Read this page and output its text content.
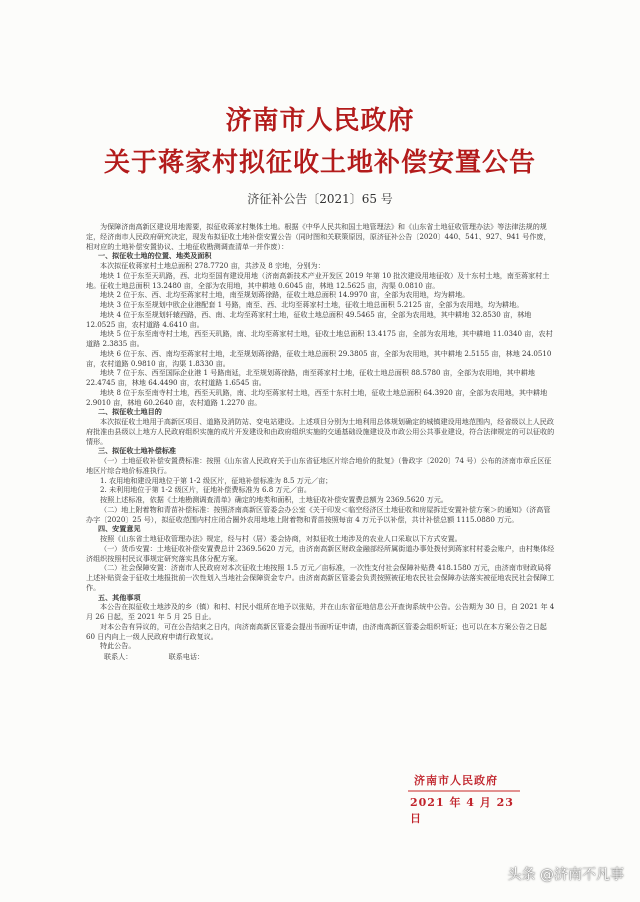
济南市人民政府
关于蒋家村拟征收土地补偿安置公告
济征补公告〔2021〕65 号

为保障济南高新区建设用地需要，拟征收蒋家村集体土地。根据《中华人民共和国土地管理法》和《山东省土地征收管理办法》等法律法规的规定，经济南市人民政府研究决定，现发布拟征收土地补偿安置公告（同时图和关联策原因，原济征补公告〔2020〕440、541、927、941 号作废，相对应的土地补偿安置协议、土地征收勘测调查清单一并作废）：

一、拟征收土地的位置、地类及面积

本次拟征收蒋家村土地总面积 278.7720 亩，共涉及 8 宗地，分别为：

地块 1 位于东至天玑路，西、北均至国有建设用地（济南高新技术产业开发区 2019 年第 10 批次建设用地征收）及十东村土地，南至蒋家村土地。征收土地总面积 13.2480 亩，全部为农用地，其中耕地 0.6045 亩，林地 12.5625 亩，沟渠 0.0810 亩。

地块 2 位于东、西、北均至蒋家村土地，南至规划蒋徐路，征收土地总面积 14.9970 亩，全部为农用地，均为耕地。

地块 3 位于东至规划中欧企业港配套 1 号路，南至、西、北均至蒋家村土地，征收土地总面积 5.2125 亩，全部为农用地，均为耕地。

地块 4 位于东至规划轩辕西路，西、南、北均至蒋家村土地，征收土地总面积 49.5465 亩，全部为农用地，其中耕地 32.8530 亩，林地 12.0525 亩，农村道路 4.6410 亩。

地块 5 位于东至南寺村土地，西至天玑路，南、北均至蒋家村土地，征收土地总面积 13.4175 亩，全部为农用地，其中耕地 11.0340 亩，农村道路 2.3835 亩。

地块 6 位于东、西、南均至蒋家村土地，北至规划蒋徐路，征收土地总面积 29.3805 亩，全部为农用地，其中耕地 2.5155 亩，林地 24.0510 亩，农村道路 0.9810 亩，沟渠 1.8330 亩。

地块 7 位于东、西至国际企业港 1 号路南延，北至规划蒋徐路，南至蒋家村土地，征收土地总面积 88.5780 亩，全部为农用地，其中耕地 22.4745 亩，林地 64.4490 亩，农村道路 1.6545 亩。

地块 8 位于东至南寺村土地，西至天玑路，南、北均至蒋家村土地，西至十东村土地，征收土地总面积 64.3920 亩，全部为农用地，其中耕地 2.9010 亩，林地 60.2640 亩，农村道路 1.2270 亩。

二、拟征收土地目的

本次拟征收土地用于高新区项目、道路及消防站、变电站建设。上述项目分别为土地利用总体规划确定的城镇建设用地范围内，经省级以上人民政府批准由县级以上地方人民政府组织实施的成片开发建设和由政府组织实施的交通基础设施建设及市政公用公共事业建设，符合法律规定的可以征收的情形。

三、拟征收土地补偿标准

（一）土地征收补偿安置费标准：按照《山东省人民政府关于山东省征地区片综合地价的批复》（鲁政字〔2020〕74 号）公布的济南市章丘区征地区片综合地价标准执行。

1. 农用地和建设用地位于第 1-2 级区片，征地补偿标准为 8.5 万元／亩；

2. 未利用地位于第 1-2 级区片，征地补偿费标准为 6.8 万元／亩。

按照上述标准，依据《土地勘测调查清单》确定的地类和面积，土地征收补偿安置费总额为 2369.5620 万元。

（二）地上附着物和青苗补偿标准：按照济南高新区管委会办公室《关于印发＜临空经济区土地征收和房屋拆迁安置补偿方案＞的通知》（济高管办字〔2020〕25 号），拟征收范围内村庄闭合圈外农用地地上附着物和青苗按照每亩 4 万元予以补偿，共计补偿总额 1115.0880 万元。

四、安置意见

按照《山东省土地征收管理办法》规定，经与村（居）委会协商，对拟征收土地涉及的农业人口采取以下方式安置。

（一）货币安置：土地征收补偿安置费总计 2369.5620 万元，由济南高新区财政金融部经所属街道办事处拨付到蒋家村村委会账户，由村集体经济组织按照村民议事规定研究落实具体分配方案。

（二）社会保障安置：济南市人民政府对本次征收土地按照 1.5 万元／亩标准，一次性支付社会保障补贴费 418.1580 万元，由济南市财政局将上述补贴资金于征收土地报批前一次性划入当地社会保障资金专户。由济南高新区管委会负责按照被征地农民社会保障办法落实被征地农民社会保障工作。

五、其他事项

本公告在拟征收土地涉及的乡（镇）和村、村民小组所在地予以张贴，并在山东省征地信息公开查询系统中公告。公告期为 30 日，自 2021 年 4 月 26 日起，至 2021 年 5 月 25 日止。

对本公告有异议的，可在公告结束之日内，向济南高新区管委会提出书面听证申请，由济南高新区管委会组织听证；也可以在本方案公告之日起 60 日内向上一级人民政府申请行政复议。

特此公告。

联系人：	联系电话：
济南市人民政府
2021 年 4 月 23 日
头条 @济南不凡事
